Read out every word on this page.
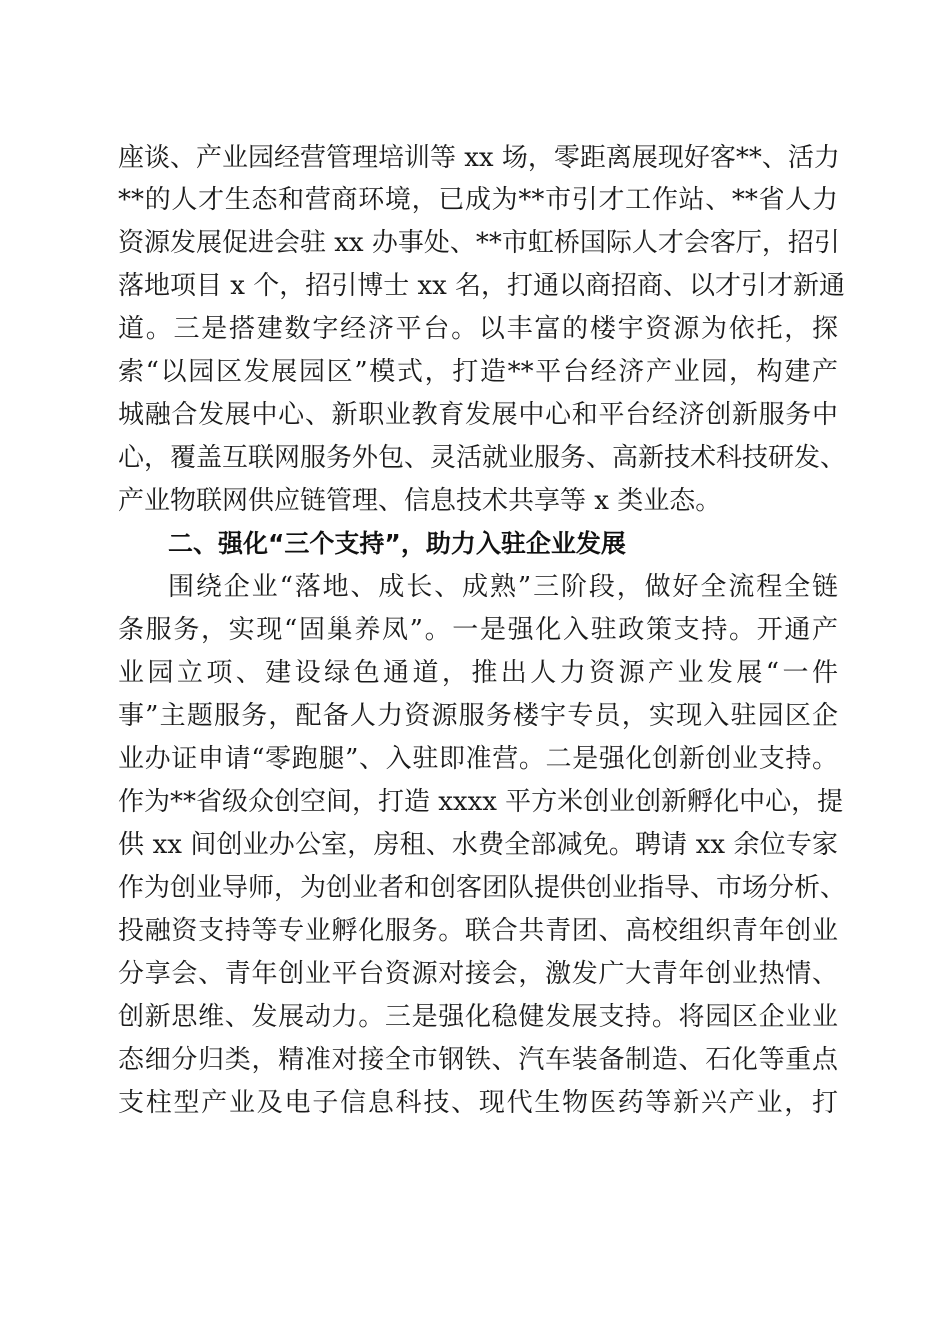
座谈、产业园经营管理培训等 xx 场，零距离展现好客**、活力
**的人才生态和营商环境，已成为**市引才工作站、**省人力
资源发展促进会驻 xx 办事处、**市虹桥国际人才会客厅，招引
落地项目 x 个，招引博士 xx 名，打通以商招商、以才引才新通
道。三是搭建数字经济平台。以丰富的楼宇资源为依托，探
索“以园区发展园区”模式，打造**平台经济产业园，构建产
城融合发展中心、新职业教育发展中心和平台经济创新服务中
心，覆盖互联网服务外包、灵活就业服务、高新技术科技研发、
产业物联网供应链管理、信息技术共享等 x 类业态。
二、强化“三个支持”，助力入驻企业发展
围绕企业“落地、成长、成熟”三阶段，做好全流程全链
条服务，实现“固巢养凤”。一是强化入驻政策支持。开通产
业园立项、建设绿色通道，推出人力资源产业发展“一件
事”主题服务，配备人力资源服务楼宇专员，实现入驻园区企
业办证申请“零跑腿”、入驻即准营。二是强化创新创业支持。
作为**省级众创空间，打造 xxxx 平方米创业创新孵化中心，提
供 xx 间创业办公室，房租、水费全部减免。聘请 xx 余位专家
作为创业导师，为创业者和创客团队提供创业指导、市场分析、
投融资支持等专业孵化服务。联合共青团、高校组织青年创业
分享会、青年创业平台资源对接会，激发广大青年创业热情、
创新思维、发展动力。三是强化稳健发展支持。将园区企业业
态细分归类，精准对接全市钢铁、汽车装备制造、石化等重点
支柱型产业及电子信息科技、现代生物医药等新兴产业，打
